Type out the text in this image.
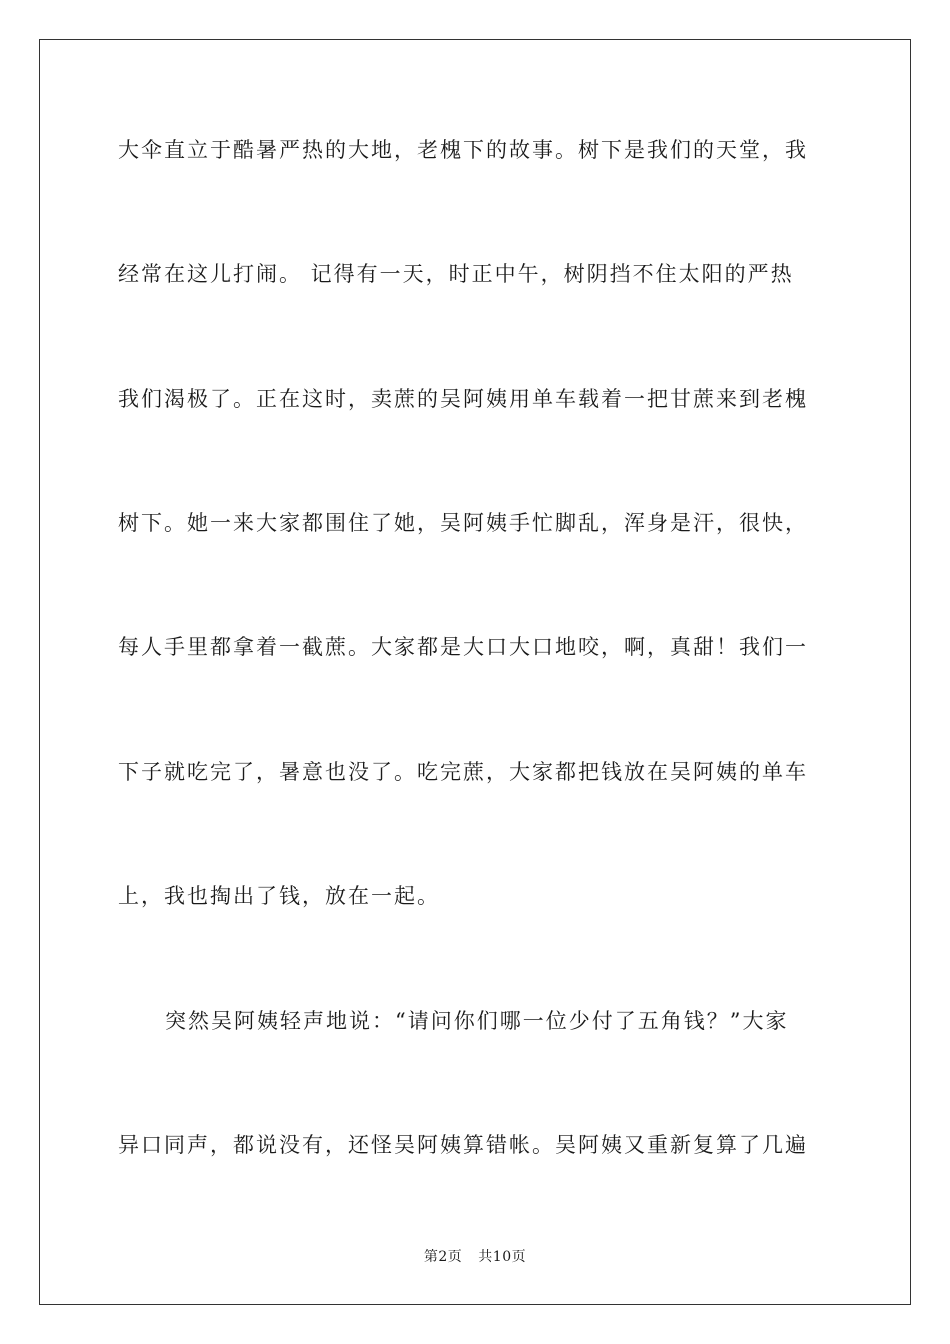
大伞直立于酷暑严热的大地，老槐下的故事。树下是我们的天堂，我
经常在这儿打闹。 记得有一天，时正中午，树阴挡不住太阳的严热
我们渴极了。正在这时，卖蔗的吴阿姨用单车载着一把甘蔗来到老槐
树下。她一来大家都围住了她，吴阿姨手忙脚乱，浑身是汗，很快，
每人手里都拿着一截蔗。大家都是大口大口地咬，啊，真甜！我们一
下子就吃完了，暑意也没了。吃完蔗，大家都把钱放在吴阿姨的单车
上，我也掏出了钱，放在一起。
突然吴阿姨轻声地说：“请问你们哪一位少付了五角钱？”大家
异口同声，都说没有，还怪吴阿姨算错帐。吴阿姨又重新复算了几遍
第2页 共10页
